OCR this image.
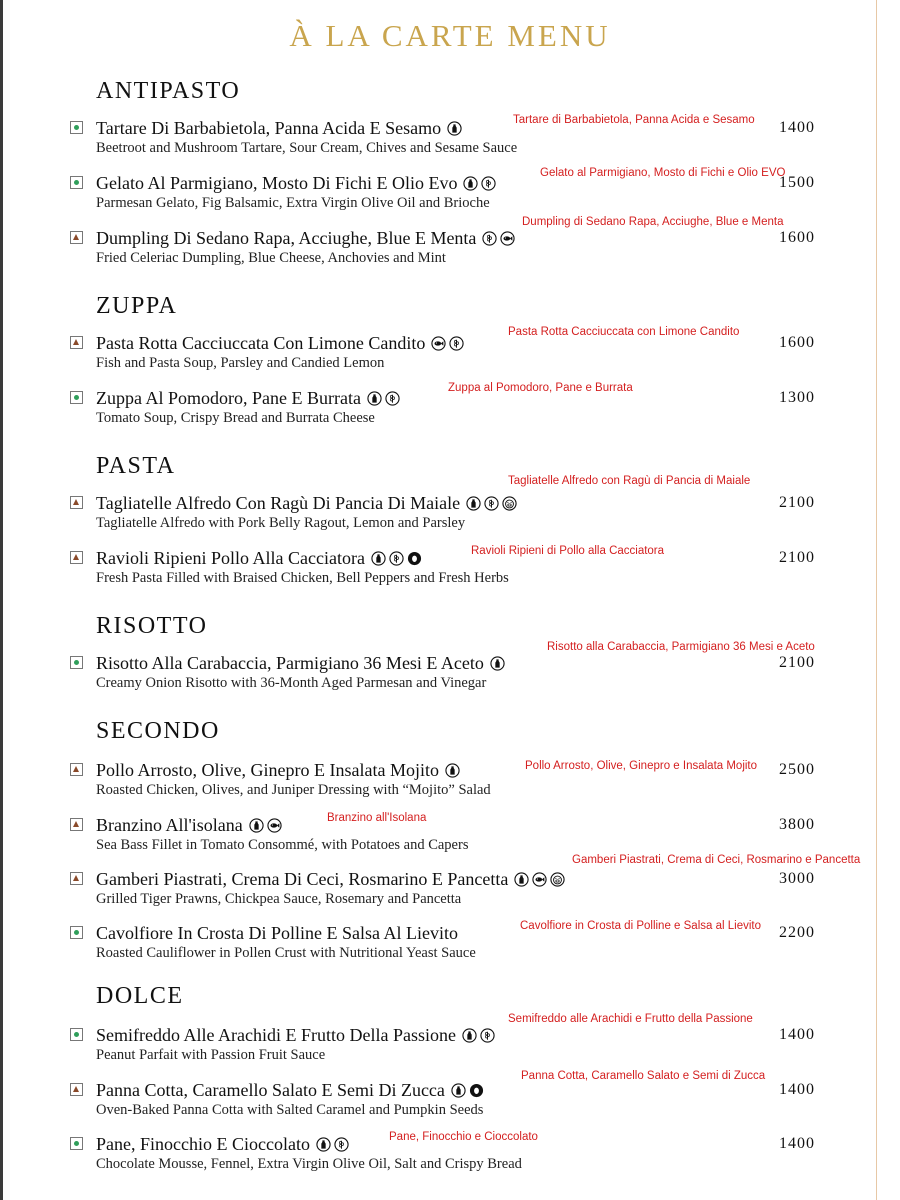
À LA CARTE MENU
ANTIPASTO
Tartare Di Barbabietola, Panna Acida E Sesamo
Beetroot and Mushroom Tartare, Sour Cream, Chives and Sesame Sauce
1400
Tartare di Barbabietola, Panna Acida e Sesamo
Gelato Al Parmigiano, Mosto Di Fichi E Olio Evo
Parmesan Gelato, Fig Balsamic, Extra Virgin Olive Oil and Brioche
1500
Gelato al Parmigiano, Mosto di Fichi e Olio EVO
Dumpling Di Sedano Rapa, Acciughe, Blue E Menta
Fried Celeriac Dumpling, Blue Cheese, Anchovies and Mint
1600
Dumpling di Sedano Rapa, Acciughe, Blue e Menta
ZUPPA
Pasta Rotta Cacciuccata Con Limone Candito
Fish and Pasta Soup, Parsley and Candied Lemon
1600
Pasta Rotta Cacciuccata con Limone Candito
Zuppa Al Pomodoro, Pane E Burrata
Tomato Soup, Crispy Bread and Burrata Cheese
1300
Zuppa al Pomodoro, Pane e Burrata
PASTA
Tagliatelle Alfredo Con Ragù Di Pancia Di Maiale
Tagliatelle Alfredo with Pork Belly Ragout, Lemon and Parsley
2100
Tagliatelle Alfredo con Ragù di Pancia di Maiale
Ravioli Ripieni Pollo Alla Cacciatora
Fresh Pasta Filled with Braised Chicken, Bell Peppers and Fresh Herbs
2100
Ravioli Ripieni di Pollo alla Cacciatora
RISOTTO
Risotto Alla Carabaccia, Parmigiano 36 Mesi E Aceto
Creamy Onion Risotto with 36-Month Aged Parmesan and Vinegar
2100
Risotto alla Carabaccia, Parmigiano 36 Mesi e Aceto
SECONDO
Pollo Arrosto, Olive, Ginepro E Insalata Mojito
Roasted Chicken, Olives, and Juniper Dressing with “Mojito” Salad
2500
Pollo Arrosto, Olive, Ginepro e Insalata Mojito
Branzino All'isolana
Sea Bass Fillet in Tomato Consommé, with Potatoes and Capers
3800
Branzino all'Isolana
Gamberi Piastrati, Crema Di Ceci, Rosmarino E Pancetta
Grilled Tiger Prawns, Chickpea Sauce, Rosemary and Pancetta
3000
Gamberi Piastrati, Crema di Ceci, Rosmarino e Pancetta
Cavolfiore In Crosta Di Polline E Salsa Al Lievito
Roasted Cauliflower in Pollen Crust with Nutritional Yeast Sauce
2200
Cavolfiore in Crosta di Polline e Salsa al Lievito
DOLCE
Semifreddo Alle Arachidi E Frutto Della Passione
Peanut Parfait with Passion Fruit Sauce
1400
Semifreddo alle Arachidi e Frutto della Passione
Panna Cotta, Caramello Salato E Semi Di Zucca
Oven-Baked Panna Cotta with Salted Caramel and Pumpkin Seeds
1400
Panna Cotta, Caramello Salato e Semi di Zucca
Pane, Finocchio E Cioccolato
Chocolate Mousse, Fennel, Extra Virgin Olive Oil, Salt and Crispy Bread
1400
Pane, Finocchio e Cioccolato
